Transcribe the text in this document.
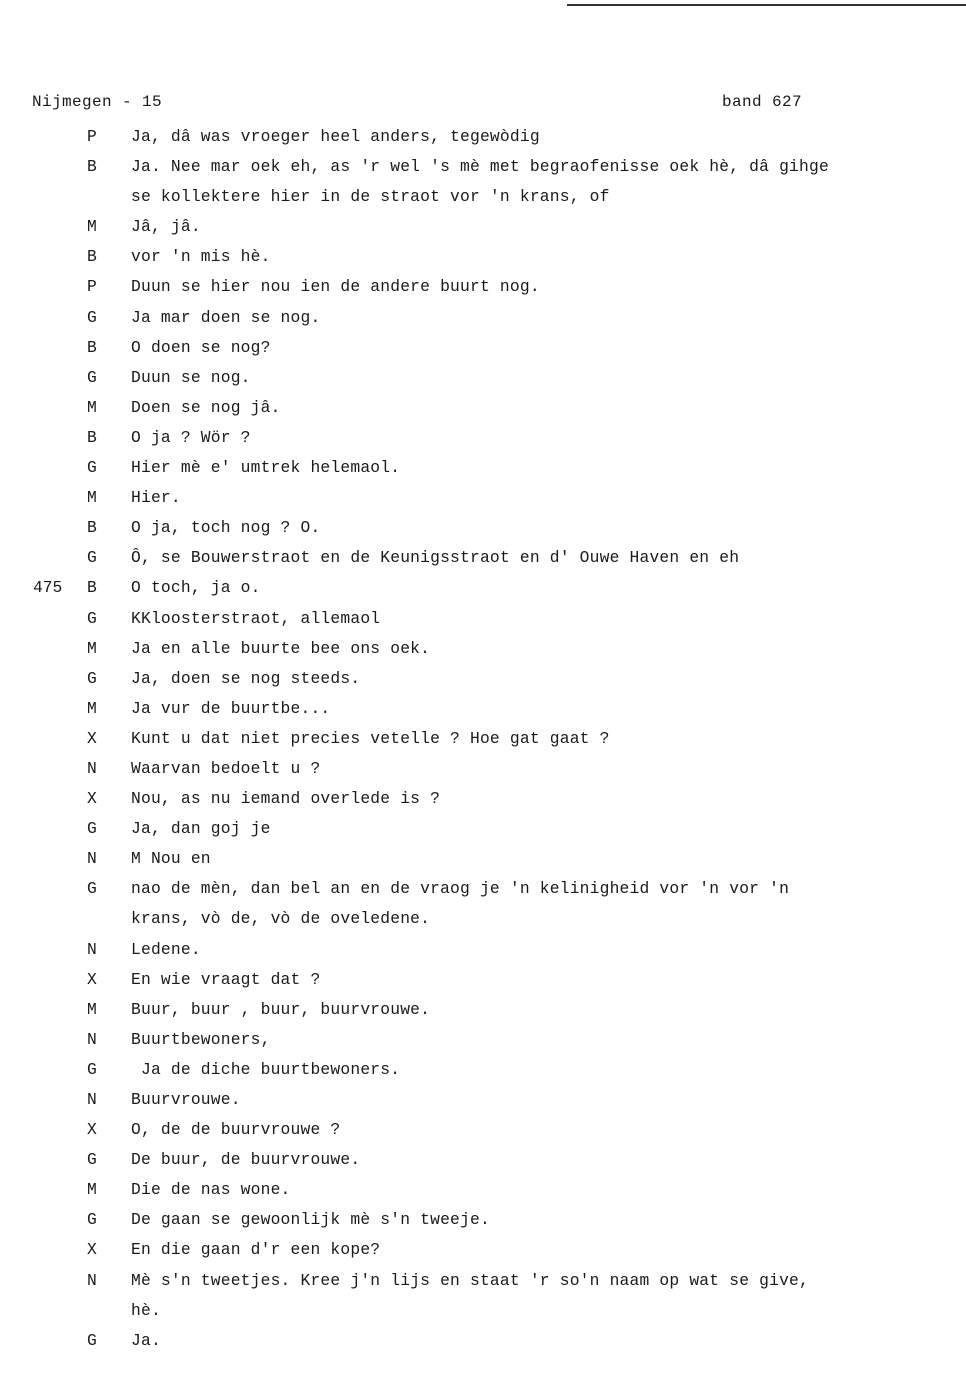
Nijmegen - 15	band 627
P Ja, dâ was vroeger heel anders, tegewòdig
B Ja. Nee mar oek eh, as 'r wel 's mè met begraofenisse oek hè, dâ gihge
se kollektere hier in de straot vor 'n krans, of
M Jâ, jâ.
B vor 'n mis hè.
P Duun se hier nou ien de andere buurt nog.
G Ja mar doen se nog.
B O doen se nog?
G Duun se nog.
M Doen se nog jâ.
B O ja ? Wör ?
G Hier mè e' umtrek helemaol.
M Hier.
B O ja, toch nog ? O.
G Ô, se Bouwerstraot en de Keunigsstraot en d' Ouwe Haven en eh
475 B O toch, ja o.
G KKloosterstraot, allemaol
M Ja en alle buurte bee ons oek.
G Ja, doen se nog steeds.
M Ja vur de buurtbe...
X Kunt u dat niet precies vetelle ? Hoe gat gaat ?
N Waarvan bedoelt u ?
X Nou, as nu iemand overlede is ?
G Ja, dan goj je
N M Nou en
G nao de mèn, dan bel an en de vraog je 'n kelinigheid vor 'n vor 'n
krans, vò de, vò de oveledene.
N Ledene.
X En wie vraagt dat ?
M Buur, buur , buur, buurvrouwe.
N Buurtbewoners,
G Ja de diche buurtbewoners.
N Buurvrouwe.
X O, de de buurvrouwe ?
G De buur, de buurvrouwe.
M Die de nas wone.
G De gaan se gewoonlijk mè s'n tweeje.
X En die gaan d'r een kope?
N Mè s'n tweetjes. Kree j'n lijs en staat 'r so'n naam op wat se give,
hè.
G Ja.
